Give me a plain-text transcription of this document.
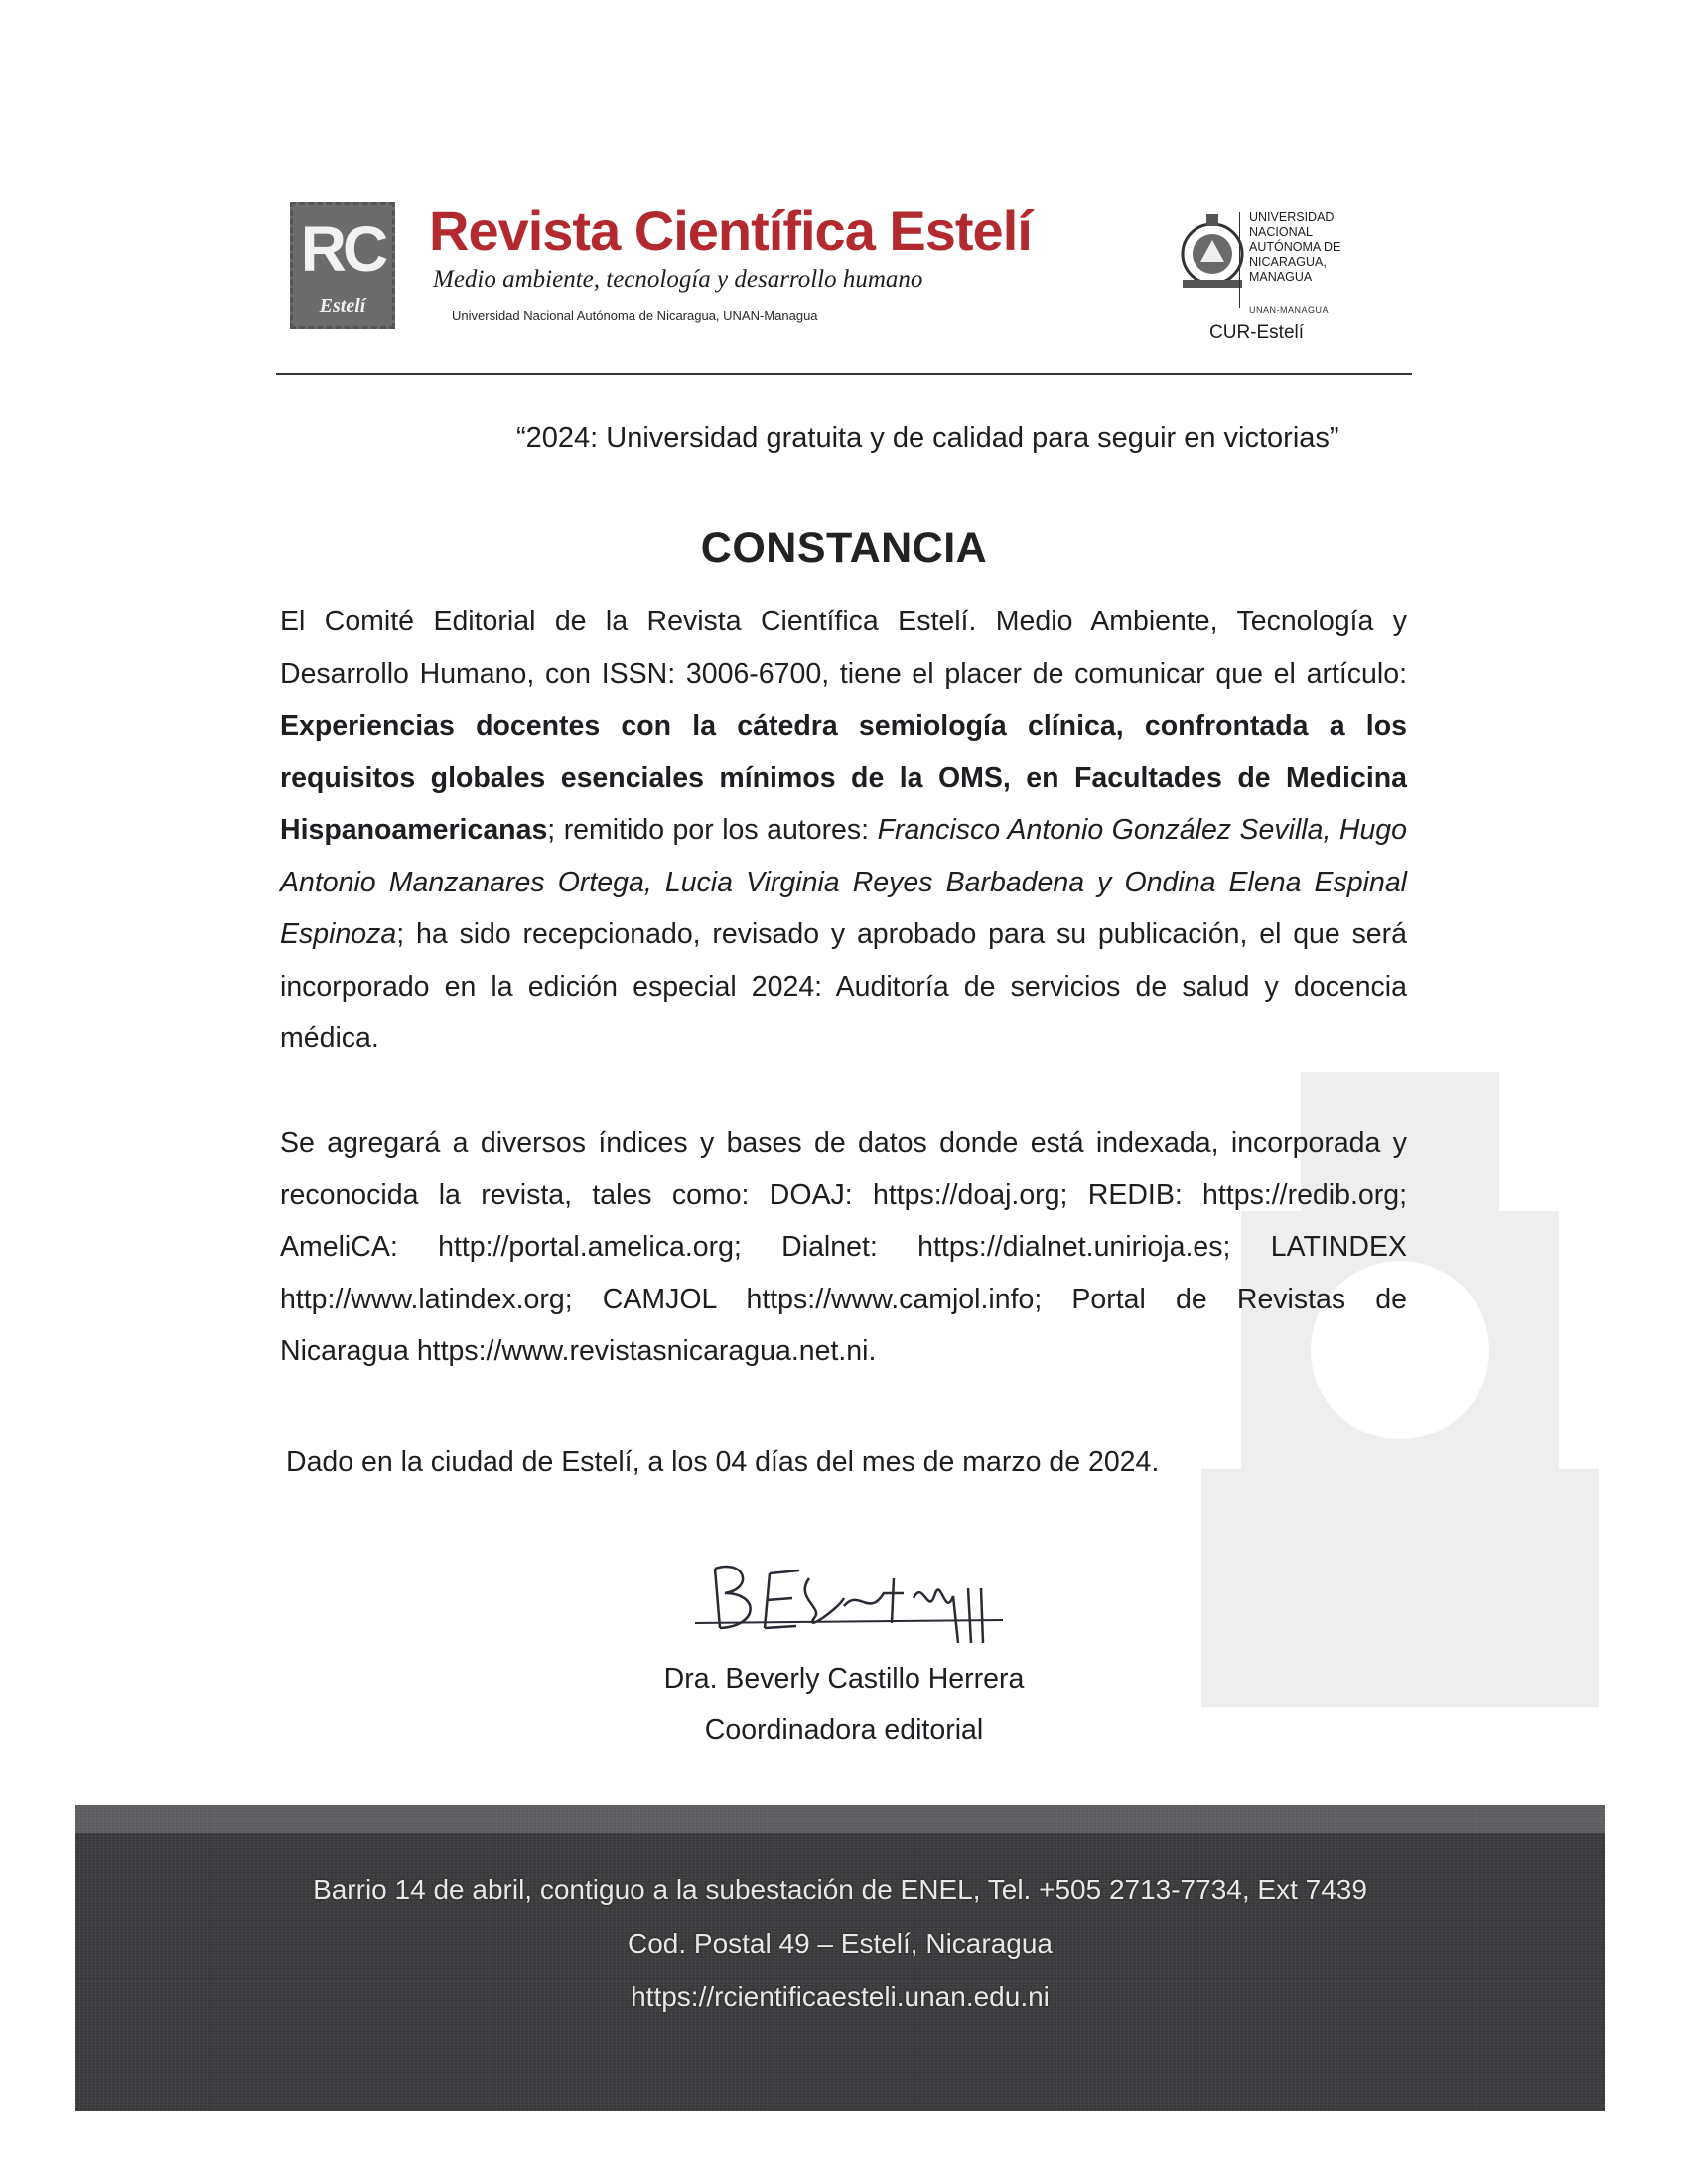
RC
Estelí
Revista Científica Estelí
Medio ambiente, tecnología y desarrollo humano
Universidad Nacional Autónoma de Nicaragua, UNAN-Managua
UNIVERSIDAD
NACIONAL
AUTÓNOMA DE
NICARAGUA,
MANAGUA
UNAN-MANAGUA
CUR-Estelí
“2024: Universidad gratuita y de calidad para seguir en victorias”
CONSTANCIA
El Comité Editorial de la Revista Científica Estelí. Medio Ambiente, Tecnología y Desarrollo Humano, con ISSN: 3006-6700, tiene el placer de comunicar que el artículo: Experiencias docentes con la cátedra semiología clínica, confrontada a los requisitos globales esenciales mínimos de la OMS, en Facultades de Medicina Hispanoamericanas; remitido por los autores: Francisco Antonio González Sevilla, Hugo Antonio Manzanares Ortega, Lucia Virginia Reyes Barbadena y Ondina Elena Espinal Espinoza; ha sido recepcionado, revisado y aprobado para su publicación, el que será incorporado en la edición especial 2024: Auditoría de servicios de salud y docencia médica.
Se agregará a diversos índices y bases de datos donde está indexada, incorporada y reconocida la revista, tales como: DOAJ: https://doaj.org; REDIB: https://redib.org; AmeliCA: http://portal.amelica.org; Dialnet: https://dialnet.unirioja.es; LATINDEX http://www.latindex.org; CAMJOL https://www.camjol.info; Portal de Revistas de Nicaragua https://www.revistasnicaragua.net.ni.
Dado en la ciudad de Estelí, a los 04 días del mes de marzo de 2024.
Dra. Beverly Castillo Herrera
Coordinadora editorial
Barrio 14 de abril, contiguo a la subestación de ENEL, Tel. +505 2713-7734, Ext 7439
Cod. Postal 49 – Estelí, Nicaragua
https://rcientificaesteli.unan.edu.ni
